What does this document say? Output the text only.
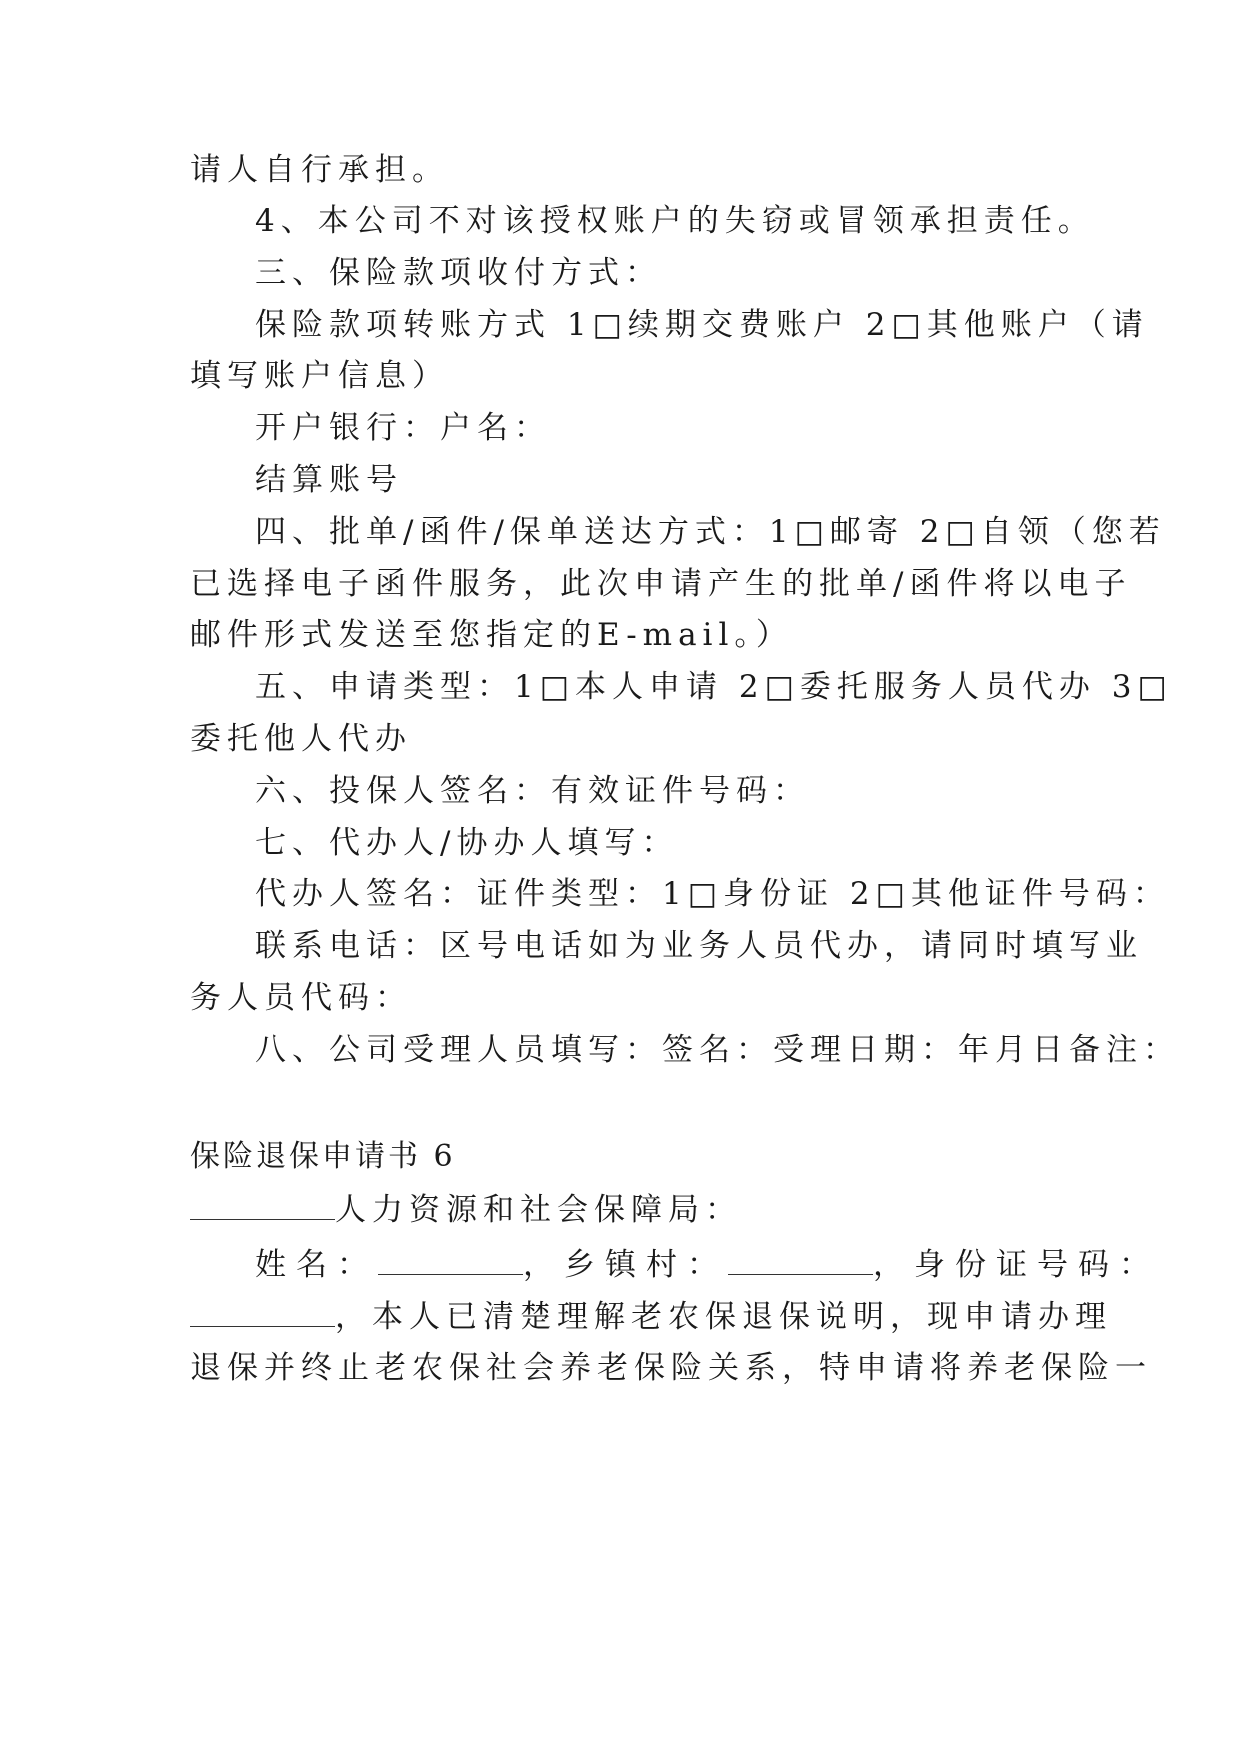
请人自行承担。
4、本公司不对该授权账户的失窃或冒领承担责任。
三、保险款项收付方式：
保险款项转账方式 1□续期交费账户 2□其他账户（请
填写账户信息）
开户银行：户名：
结算账号
四、批单/函件/保单送达方式：1□邮寄 2□自领（您若
已选择电子函件服务，此次申请产生的批单/函件将以电子
邮件形式发送至您指定的E-mail。）
五、申请类型：1□本人申请 2□委托服务人员代办 3□
委托他人代办
六、投保人签名：有效证件号码：
七、代办人/协办人填写：
代办人签名：证件类型：1□身份证 2□其他证件号码：
联系电话：区号电话如为业务人员代办，请同时填写业
务人员代码：
八、公司受理人员填写：签名：受理日期：年月日备注：
保险退保申请书 6
人力资源和社会保障局：
姓名：	，乡镇村：	，身份证号码：
，本人已清楚理解老农保退保说明，现申请办理
退保并终止老农保社会养老保险关系，特申请将养老保险一
